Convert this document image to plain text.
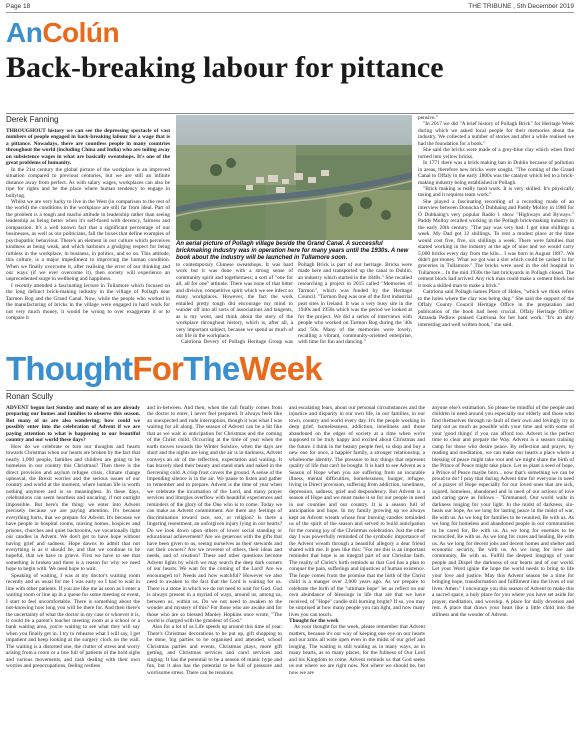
Page 18	THE TRIBUNE , 5th December 2019
AnColún
Back-breaking labour for pittance
Derek Fanning

THROUGHOUT history we can see the depressing spectacle of vast numbers of people engaged in back-breaking labour for a wage that is a pittance. Nowadays, there are countless people in many countries throughout the world (including China and India) who are toiling away on subsistence wages in what are basically sweatshops. It's one of the great problems of humanity.

In the 21st century the global picture of the workplace is an improved situation compared to previous centuries, but we are still an infinite distance away from perfect. As with salary wages, workplaces can also be ripe for rights and be the place where human tendency to engage in bullying.

Whilst we are very lucky to live in the West (in comparison to the rest of the world) the conditions in the workplace are still far from ideal. Part of the problem is a tough and macho attitude in leadership rather than seeing leadership as being better when it's self-fused with decency, fairness and compassion. It's a well known fact that a significant percentage of our businesses, as well as our politicians, fall the boxes that define examples of psychopathic behaviour. There's an element in our culture which perceives kindness as being weak, and which harbours a grudging respect for being ruthless in the workplace, in business, in politics, and so on. This attitude, this culture, is a major impediment to improving the human condition. When we finally overcome it, after realising the error of our thinking and our ways (if we ever overcome it), then society will experience an unprecedented surge in wellbeing and happiness.

I recently attended a fascinating lecture in Tullamore which focused on the long defunct brick-making industry in the village of Pollagh near Tarmon Bog and the Grand Canal. Now, while the people who worked in the manufacturing of bricks in the village were engaged in hard work for not very much money, it would be wrong to over exaggerate it or to compare it

An aerial picture of Pollagh village beside the Grand Canal. A successful brickmaking industry was in operation here for many years until the 1930s. A new book about the industry will be launched in Tullamore soon.

to contemporary Chinese sweatshops. It was hard work but it was done with a strong sense of community spirit and togetherness; a sort of "one for all, all for one" attitude. There was none of that bitter and divisive, competitive spirit which we see infect so many workplaces. However, the fact the work entailed pretty tough did encourage my mind to wander off into all sorts of associations and tangents, as is my wont, and think about the story of the workplace throughout history, which is, after all, a very important subject, because we spend as much of our life in the workplace.

Caitriona Devery of Pollagh Heritage Group was

Pollagh Brick is part of our heritage. Bricks were made here and transported up the canal to Dublin, an industry which started in the 1840s." She recalled researching a project in 2015 called "Memories of Tarmon", which was funded by the Heritage Council. "Tarmon Bog was one of the first industrial peat sites in Ireland. It was a very busy site in the 1940s and 1950s which was the period we looked at for the project. We did a series of interviews with people who worked on Tarmon Bog during the '40s and '50s. Many of the memories were lovely, recalling a vibrant, community-oriented enterprise, with time for fun and dancing."

pensive."

"In 2017 we did "A brief history of Pollagh Brick" for Heritage Week during which we asked local people for their memories about the industry. We collected a number of stories and after a while realised we had the foundation for a book."

She said the bricks were made of a grey-blue clay which when fired turned into yellow bricks.

In 1771 there was a brick making ban in Dublin because of pollution in areas, therefore new bricks were sought. "The coming of the Grand Canal to Offaly in the early 1800s was the catalyst which led to a brick-making industry being established in Pollagh.

"Brick making is really hard work. It is very skilled. It's physically taxing and it requires team work."

She played a fascinating recording of a recording made of an interview between Donncha Ó Dubhaing and Paddy Molloy in 1980 for Ó Dubhaing's very popular Radio 1 show "Highways and Byways." Paddy Molloy recalled working in the Pollagh brick-making industry in the early 20th century. "The pay was very bad. I got nine shillings a week. My Dad got 12 shillings. To rent a modest place at the time would cost five, five, six shillings a week. There were families that started working in the industry at the age of nine and we would carry 5,000 bricks every day from the kiln... I was born in August 1897...We didn't get money. What we got was a slot which could be cashed in for groceries in Tullamore." The bricks were used in the old hospital in Tullamore... In the mid 1930s the last brickyards in Pollagh closed. The cement block had arrived. Any rich man could make a cement block but it took a skilled man to make a brick."

Caitriona said Pollagh names Place of Holes, "which we think refers to the holes where the clay was being dug." She said the support of the Offaly County Council Heritage Office in the preparation and publication of the book had been crucial. Offaly Heritage Officer Amanda Pedlow praised Caitriona for her hard work. "It's an ably interesting and well written book," she said.

ThoughtForTheWeek
Ronan Scully

ADVENT begun last Sunday and many of us are already preparing our homes and families to observe this season. But many of us are also wondering; how could we possibly enter into the celebration of Advent if we are paying attention to what is happening to our beautiful country and our world these days?

How do we celebrate or turn our thoughts and hearts towards Christmas when our hearts are broken by the fact that nearly 1,000 people, families and children are going to be homeless in our country this Christmas? Then there is the direct provision and asylum refugee crisis, climate change upheaval, the Brexit worries and the serious issues of our country and world at the moment, where human life is worth nothing anymore and is so meaningless. In these days, celebrations can seem heartless and uncaring, if not outright impossible. But here's the thing: we enter into Advent precisely because we are paying attention. It's because everything hurts, that we prepare for Advent. It's because we have people in hospital rooms, nursing homes, hospices and prisons, churches and quiet backrooms, we vocationally light our candles in Advent. We don't get to have hope without having grief and sadness. Hope dawns to admit that not everything is as it should be, and that we continue to be hopeful, that we have to grieve. First we have to see that something is broken and there is a reason for why we need hope to begin with. We need hope to wait.

Speaking of waiting, I was at my doctor's waiting room recently and as usual for me I was early so I had to wait in line with other patients. If you are like me as soon as I enter a waiting room or line up in a queue for some meeting or event, I start to feel uncomfortable. There is something about the not-knowing how long you will be there for. And then there's the uncertainty of what the doctor in my case or whoever it is, it could be a parent's teacher meeting room at a school or a bank waiting area, you're waiting to see what they will say when you finally get in. I try to rehearse what I will say, I get impatient and keep looking at the surgery clock on the wall. The waiting is a distorted one, the clutter of stress and worry arising from a room or a line full of patients of the hold sighs and various movements, and cash dealing with their own worries and preoccupations, feeling restless

and in-between. And then, when the call finally comes from the doctor to enter, I never feel prepared. It always feels like an unexpected and rude interruption, though it was what I was waiting for all along. The season of Advent can be a bit like that as we wait in anticipation for Christmas and the coming of the Christ child. Occurring at the time of year when the earth moves towards the Winter Solstice, when the days are short and the nights are long and the air is in darkness, Advent conveys an air of the reflection, expectation and waiting. It has bravely shed their beauty and stand stark and naked in the fiercening cold. A crisp frost covers the ground. A sense of the impending silence is in the air. We pause to listen and gather to remember and to prepare. Advent is the time of year when we celebrate the incarnation of the Lord, and many prayer services and liturgies overflow with beautiful experiences and reminders of the glory of the One who is to come. Today we can make an Advent commitment. Are there any feelings of discrimination toward race, sex, or religion? Is there a lingering resentment, an unforgiven injury lying in our hearts? Do we look down upon others of lower social standing or educational achievement? Are we generous with the gifts that have been given to us, seeing ourselves as their stewards and not their owners? Are we reverent of others, their ideas and needs, and of creation? These and other questions become Advent lights by which we may search the deep dark corners of our hearts. We wait for the coming of the Lord! Are we encouraged to? Needs and how watchful? However we also need to awaken to the fact that the Lord is waiting for us. There is a stone in which we do not need to wait for God. God is always present in a myriad of ways, around us, among us, between us, within us. Do we not need to awaken to the wonder and mystery of this? For those who are awake and for those who are so blessed Manley Hopkins once wrote, "The world is charged with the grandeur of God."

Also for a lot of us Life speeds up around this time of year. There's Christmas decorations to be put up, gift shopping to be done, big parties to be organised and attended, school Christmas parties and events, Christmas plays, more gift getting, and Christmas services and carol services and singing. It has the potential to be a season of manic hype and fun, but it also has the potential to be full of pressure and worrisome stress. There can be tensions

and escalating fears, about our personal circumstances and the injustice and disparity in our own life, in our families, in our town, country and world every day. It's the people working in deep grief, homelessness, addiction, loneliness and those abandoned on the edges of society at a time when we're supposed to be truly happy and excited about Christmas and the future. I think in the beauty people feel, to shop and buy a new one for once, a happier family, a stronger relationship, a wholesome identity. The pressure to buy things that represent quality of life that can't be bought. It is hard to see Advent as a Season of Hope when you are suffering from an incurable illness, mental difficulties, homelessness, hunger, refugee, living in Direct provision, suffering from addiction, loneliness, depression, sadness, grief and despondency. But Advent is a season of Hope and we must make it so for our people in need in our counties and our country. It is a season full of anticipation and hope. In my family growing up we always kept an Advent wreath whose four burning candles reminded us of the spirit of the season and served to build anticipation for the coming joy of the Christmas celebration. Just the other day I was powerfully reminded of the symbolic importance of the Advent wreath through a beautiful allegory a dear friend shared with me. It goes like this: "For me this is an important reminder that hope is an integral part of our Christian faith. The reality of Christ's birth reminds us that God has a plan to conquer the pain, sufferings and injustices of human existence. The hope comes from the promise that the birth of the Christ child is a manger over 2,000 years ago. As we prepare to celebrate the birth of the "ultimate hope" let us reflect on our own abundance of blessings in life that are that we have received, of "Hope" candle still burning bright? If so, you may be surprised at how many people you can light, and how many lives you can touch.

Thought for the week

As your thought for the week, please remember that Advent matters, because it's our way of keeping one eye on our hearts and our arms all wide open even in the midst of our grief and longing. The waiting is still waiting as in many ways, as in many hearts, as so many places, for the fullness of Our Lord and his Kingdom to come. Advent reminds us that God seeks us out where we are right now. Not where we should be, but now we are

anyone else's estimation. So please be mindful of the people and children in need around you especially our elderly and those who find themselves through no fault of their own and lovingly try to help out as much as possible with your time and with some of your 'good things' if you can afford too. Advent is the perfect time to clear and prepare the Way. Advent is a season training camp for those who desire peace. By reflection and prayer, by reading and meditation, we can make our hearts a place where a blessing of peace might take root and we might share the birth of the Prince of Peace might take place. Let us plant a seed of hope, a Prince of Peace maybe born... now that's something we can be proud to do! I pray that during Advent time for everyone in need of a prayer of Hope especially for our loved ones that are sick, injured, homeless, abandoned and in need of our actions of love and caring gave as follows - "Emmanuel, Our world waits in darkness longing for your light. In the midst of darkness, sin-heals our hope, As we long for lasting peace in the midst of war, Be with us. As we long for families to be reunited, Be with us. As we long for homeless and abandoned people in our communities to be cared for, Be with us. As we long for enemies to be reconciled, Be with us. As we long for cures and healing, Be with us. As we long for decent jobs and decent homes and shelter and economic security, Be with us. As we long for love and community, Be with us. Fulfill the deepest longings of your people and Dispel the darkness of our hearts and of our world. Let your Word ignite the hope the world needs to bring to life your love and justice. May this Advent season be a time for bringing hope, transformation and fulfilment into the lives of our lives. Amen." I encourage you this season of Advent to make this a sacred space, a holy place for you where you have set aside for prayer, meditation, and worship. A place for daily devotion and rest. A place that draws your heart like a little child into the stillness and the wonder of Advent.
